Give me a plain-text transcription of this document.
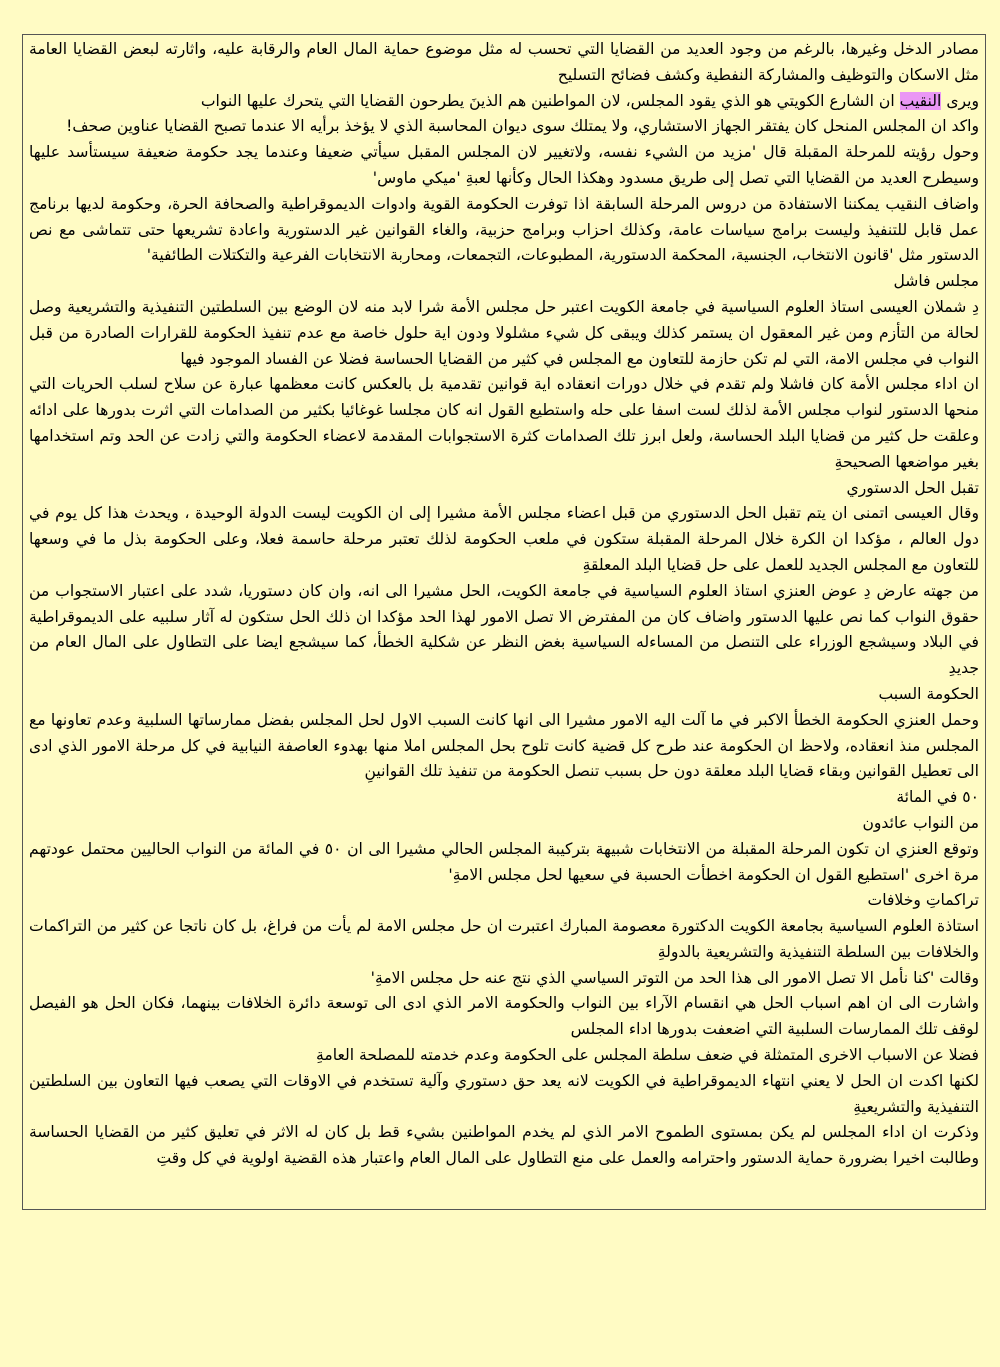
مصادر الدخل وغيرها، بالرغم من وجود العديد من القضايا التي تحسب له مثل موضوع حماية المال العام والرقابة عليه، واثارته لبعض القضايا العامة مثل الاسكان والتوظيف والمشاركة النفطية وكشف فضائح التسليح

ويرى النقيب ان الشارع الكويتي هو الذي يقود المجلس، لان المواطنين هم الذينَ يطرحون القضايا التي يتحرك عليها النواب

واكد ان المجلس المنحل كان يفتقر الجهاز الاستشاري، ولا يمتلك سوى ديوان المحاسبة الذي لا يؤخذ برأيه الا عندما تصبح القضايا عناوين صحف!

وحول رؤيته للمرحلة المقبلة قال 'مزيد من الشيء نفسه، ولاتغيير لان المجلس المقبل سيأتي ضعيفا وعندما يجد حكومة ضعيفة سيستأسد عليها وسيطرح العديد من القضايا التي تصل إلى طريق مسدود وهكذا الحال وكأنها لعبةِ 'ميكي ماوس'

واضاف النقيب يمكننا الاستفادة من دروس المرحلة السابقة اذا توفرت الحكومة القوية وادوات الديموقراطية والصحافة الحرة، وحكومة لديها برنامج عمل قابل للتنفيذ وليست برامج سياسات عامة، وكذلك احزاب وبرامج حزبية، والغاء القوانين غير الدستورية واعادة تشريعها حتى تتماشى مع نص الدستور مثل 'قانون الانتخاب، الجنسية، المحكمة الدستورية، المطبوعات، التجمعات، ومحاربة الانتخابات الفرعية والتكتلات الطائفية'

مجلس فاشل

دِ شملان العيسى استاذ العلوم السياسية في جامعة الكويت اعتبر حل مجلس الأمة شرا لابد منه لان الوضع بين السلطتين التنفيذية والتشريعية وصل لحالة من التأزم ومن غير المعقول ان يستمر كذلك ويبقى كل شيء مشلولا ودون اية حلول خاصة مع عدم تنفيذ الحكومة للقرارات الصادرة من قبل النواب في مجلس الامة، التي لم تكن حازمة للتعاون مع المجلس في كثير من القضايا الحساسة فضلا عن الفساد الموجود فيها

ان اداء مجلس الأمة كان فاشلا ولم تقدم في خلال دورات انعقاده اية قوانين تقدمية بل بالعكس كانت معظمها عبارة عن سلاح لسلب الحريات التي منحها الدستور لنواب مجلس الأمة لذلك لست اسفا على حله واستطيع القول انه كان مجلسا غوغائيا بكثير من الصدامات التي اثرت بدورها على ادائه وعلقت حل كثير من قضايا البلد الحساسة، ولعل ابرز تلك الصدامات كثرة الاستجوابات المقدمة لاعضاء الحكومة والتي زادت عن الحد وتم استخدامها بغير مواضعها الصحيحةِ

تقبل الحل الدستوري

وقال العيسى اتمنى ان يتم تقبل الحل الدستوري من قبل اعضاء مجلس الأمة مشيرا إلى ان الكويت ليست الدولة الوحيدة ، ويحدث هذا كل يوم في دول العالم ، مؤكدا ان الكرة خلال المرحلة المقبلة ستكون في ملعب الحكومة لذلك تعتبر مرحلة حاسمة فعلا، وعلى الحكومة بذل ما في وسعها للتعاون مع المجلس الجديد للعمل على حل قضايا البلد المعلقةِ

من جهته عارض دِ عوض العنزي استاذ العلوم السياسية في جامعة الكويت، الحل مشيرا الى انه، وان كان دستوريا، شدد على اعتبار الاستجواب من حقوق النواب كما نص عليها الدستور واضاف كان من المفترض الا تصل الامور لهذا الحد مؤكدا ان ذلك الحل ستكون له آثار سلبيه على الديموقراطية في البلاد وسيشجع الوزراء على التنصل من المساءله السياسية بغض النظر عن شكلية الخطأ، كما سيشجع ايضا على التطاول على المال العام من جديدِ

الحكومة السبب

وحمل العنزي الحكومة الخطأ الاكبر في ما آلت اليه الامور مشيرا الى انها كانت السبب الاول لحل المجلس بفضل ممارساتها السلبية وعدم تعاونها مع المجلس منذ انعقاده، ولاحظ ان الحكومة عند طرح كل قضية كانت تلوح بحل المجلس املا منها بهدوء العاصفة النيابية في كل مرحلة الامور الذي ادى الى تعطيل القوانين وبقاء قضايا البلد معلقة دون حل بسبب تنصل الحكومة من تنفيذ تلك القوانينِ

٥٠ في المائة

من النواب عائدون

وتوقع العنزي ان تكون المرحلة المقبلة من الانتخابات شبيهة بتركيبة المجلس الحالي مشيرا الى ان ٥٠ في المائة من النواب الحاليين محتمل عودتهم مرة اخرى 'استطيع القول ان الحكومة اخطأت الحسبة في سعيها لحل مجلس الامةِ'

تراكماتِ وخلافات

استاذة العلوم السياسية بجامعة الكويت الدكتورة معصومة المبارك اعتبرت ان حل مجلس الامة لم يأت من فراغ، بل كان ناتجا عن كثير من التراكمات والخلافات بين السلطة التنفيذية والتشريعية بالدولةِ

وقالت 'كنا نأمل الا تصل الامور الى هذا الحد من التوتر السياسي الذي نتج عنه حل مجلس الامةِ'

واشارت الى ان اهم اسباب الحل هي انقسام الآراء بين النواب والحكومة الامر الذي ادى الى توسعة دائرة الخلافات بينهما، فكان الحل هو الفيصل لوقف تلك الممارسات السلبية التي اضعفت بدورها اداء المجلس

فضلا عن الاسباب الاخرى المتمثلة في ضعف سلطة المجلس على الحكومة وعدم خدمته للمصلحة العامةِ

لكنها اكدت ان الحل لا يعني انتهاء الديموقراطية في الكويت لانه يعد حق دستوري وآلية تستخدم في الاوقات التي يصعب فيها التعاون بين السلطتين التنفيذية والتشريعيةِ

وذكرت ان اداء المجلس لم يكن بمستوى الطموح الامر الذي لم يخدم المواطنين بشيء قط بل كان له الاثر في تعليق كثير من القضايا الحساسة وطالبت اخيرا بضرورة حماية الدستور واحترامه والعمل على منع التطاول على المال العام واعتبار هذه القضية اولوية في كل وقتِ
